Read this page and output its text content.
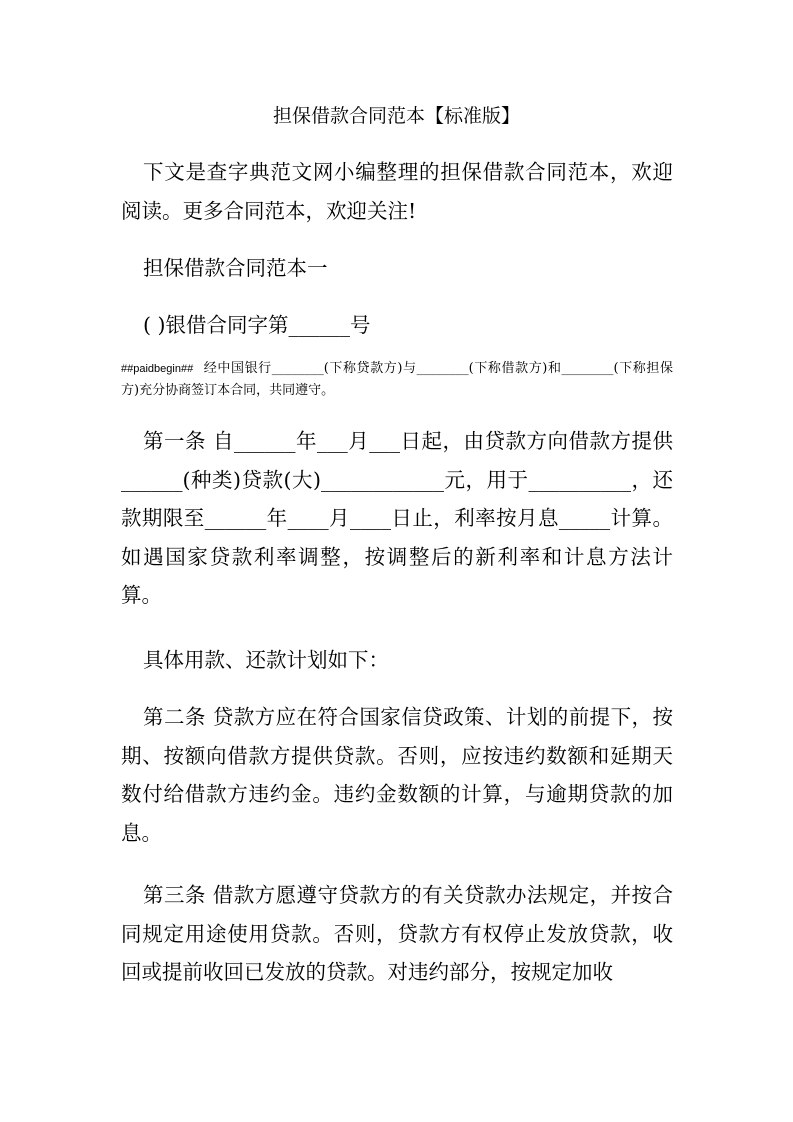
担保借款合同范本【标准版】
下文是查字典范文网小编整理的担保借款合同范本，欢迎阅读。更多合同范本，欢迎关注!
担保借款合同范本一
( )银借合同字第______号
##paidbegin## 经中国银行________(下称贷款方)与________(下称借款方)和________(下称担保方)充分协商签订本合同，共同遵守。
第一条 自______年___月___日起，由贷款方向借款方提供______(种类)贷款(大)____________元，用于__________，还款期限至______年____月____日止，利率按月息_____计算。如遇国家贷款利率调整，按调整后的新利率和计息方法计算。
具体用款、还款计划如下：
第二条 贷款方应在符合国家信贷政策、计划的前提下，按期、按额向借款方提供贷款。否则，应按违约数额和延期天数付给借款方违约金。违约金数额的计算，与逾期贷款的加息。
第三条 借款方愿遵守贷款方的有关贷款办法规定，并按合同规定用途使用贷款。否则，贷款方有权停止发放贷款，收回或提前收回已发放的贷款。对违约部分，按规定加收
